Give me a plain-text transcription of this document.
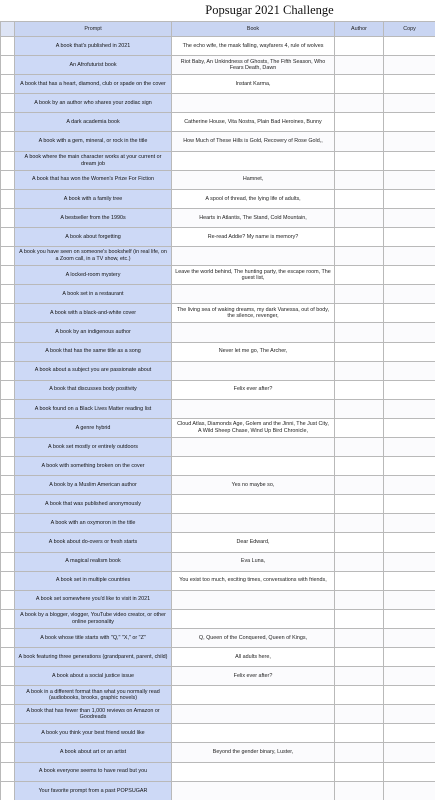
Popsugar 2021 Challenge
	Prompt	Book	Author	Copy
	A book that's published in 2021	The echo wife, the mask falling, wayfarers 4, rule of wolves		
	An Afrofuturist book	Riot Baby, An Unkindness of Ghosts, The Fifth Season, Who Fears Death, Dawn		
	A book that has a heart, diamond, club or spade on the cover	Instant Karma,		
	A book by an author who shares your zodiac sign			
	A dark academia book	Catherine House, Vita Nostra, Plain Bad Heroines, Bunny		
	A book with a gem, mineral, or rock in the title	How Much of These Hills is Gold, Recovery of Rose Gold,,		
	A book where the main character works at your current or dream job			
	A book that has won the Women's Prize For Fiction	Hamnet,		
	A book with a family tree	A spool of thread, the lying life of adults,		
	A bestseller from the 1990s	Hearts in Atlantis, The Stand, Cold Mountain,		
	A book about forgetting	Re-read Addie? My name is memory?		
	A book you have seen on someone's bookshelf (in real life, on a Zoom call, in a TV show, etc.)			
	A locked-room mystery	Leave the world behind, The hunting party, the escape room, The guest list,		
	A book set in a restaurant			
	A book with a black-and-white cover	The living sea of waking dreams, my dark Vanessa, out of body, the silence, revenger,		
	A book by an indigenous author			
	A book that has the same title as a song	Never let me go, The Archer,		
	A book about a subject you are passionate about			
	A book that discusses body positivity	Felix ever after?		
	A book found on a Black Lives Matter reading list			
	A genre hybrid	Cloud Atlas, Diamonds Age, Golem and the Jinni, The Just City, A Wild Sheep Chase, Wind Up Bird Chronicle,		
	A book set mostly or entirely outdoors			
	A book with something broken on the cover			
	A book by a Muslim American author	Yes no maybe so,		
	A book that was published anonymously			
	A book with an oxymoron in the title			
	A book about do-overs or fresh starts	Dear Edward,		
	A magical realism book	Eva Luna,		
	A book set in multiple countries	You exist too much, exciting times, conversations with friends,		
	A book set somewhere you'd like to visit in 2021			
	A book by a blogger, vlogger, YouTube video creator, or other online personality			
	A book whose title starts with "Q," "X," or "Z"	Q, Queen of the Conquered, Queen of Kings,		
	A book featuring three generations (grandparent, parent, child)	All adults here,		
	A book about a social justice issue	Felix ever after?		
	A book in a different format than what you normally read (audiobooks, brooks, graphic novels)			
	A book that has fewer than 1,000 reviews on Amazon or Goodreads			
	A book you think your best friend would like			
	A book about art or an artist	Beyond the gender binary, Luster,		
	A book everyone seems to have read but you			
	Your favorite prompt from a past POPSUGAR			
